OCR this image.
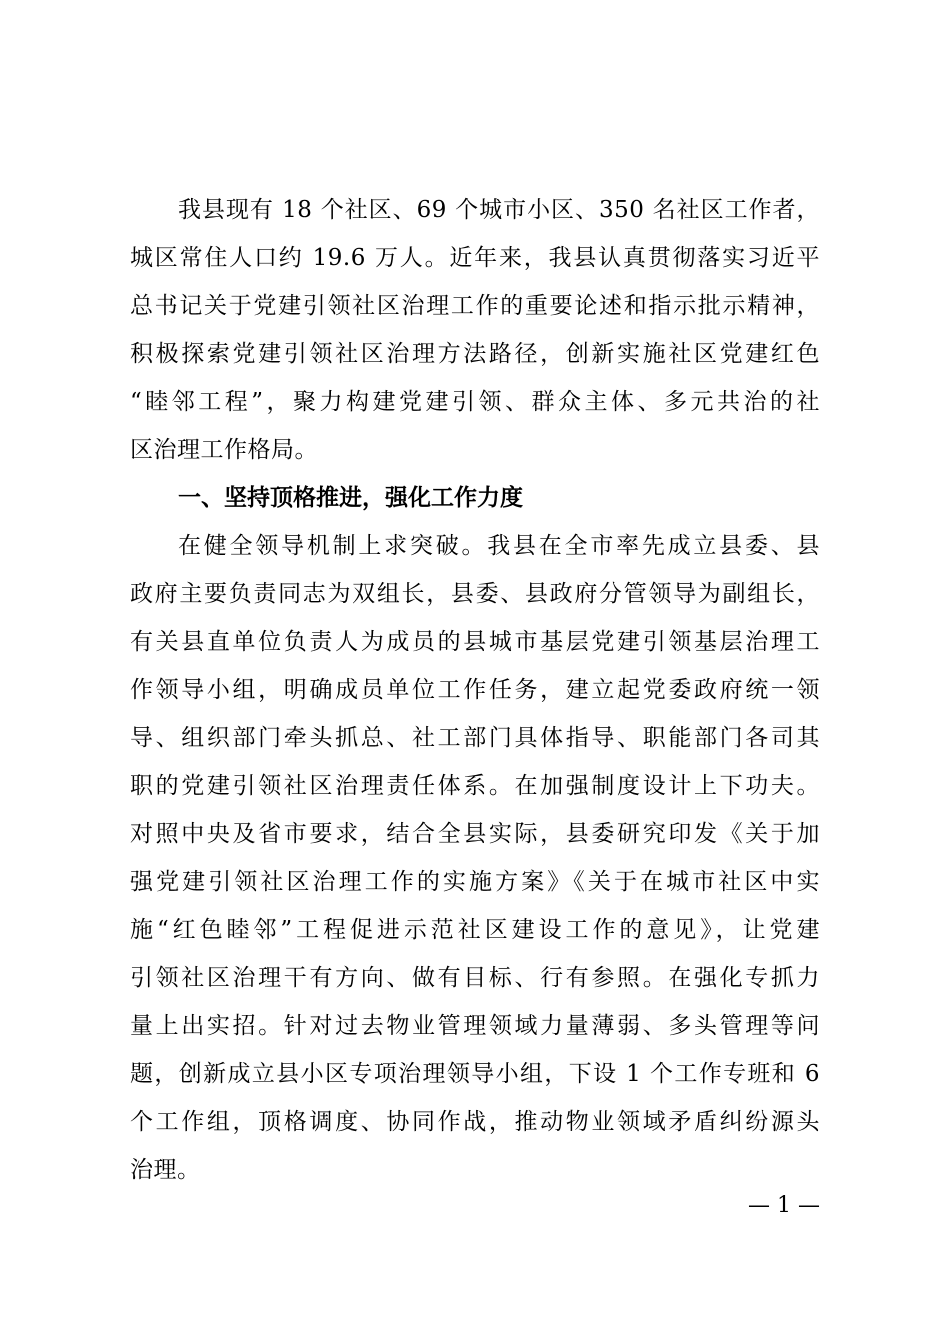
我县现有 18 个社区、69 个城市小区、350 名社区工作者，
城区常住人口约 19.6 万人。近年来，我县认真贯彻落实习近平
总书记关于党建引领社区治理工作的重要论述和指示批示精神，
积极探索党建引领社区治理方法路径，创新实施社区党建红色
“睦邻工程”，聚力构建党建引领、群众主体、多元共治的社
区治理工作格局。
一、坚持顶格推进，强化工作力度
在健全领导机制上求突破。我县在全市率先成立县委、县
政府主要负责同志为双组长，县委、县政府分管领导为副组长，
有关县直单位负责人为成员的县城市基层党建引领基层治理工
作领导小组，明确成员单位工作任务，建立起党委政府统一领
导、组织部门牵头抓总、社工部门具体指导、职能部门各司其
职的党建引领社区治理责任体系。在加强制度设计上下功夫。
对照中央及省市要求，结合全县实际，县委研究印发《关于加
强党建引领社区治理工作的实施方案》《关于在城市社区中实
施“红色睦邻”工程促进示范社区建设工作的意见》，让党建
引领社区治理干有方向、做有目标、行有参照。在强化专抓力
量上出实招。针对过去物业管理领域力量薄弱、多头管理等问
题，创新成立县小区专项治理领导小组，下设 1 个工作专班和 6
个工作组，顶格调度、协同作战，推动物业领域矛盾纠纷源头
治理。
— 1 —
